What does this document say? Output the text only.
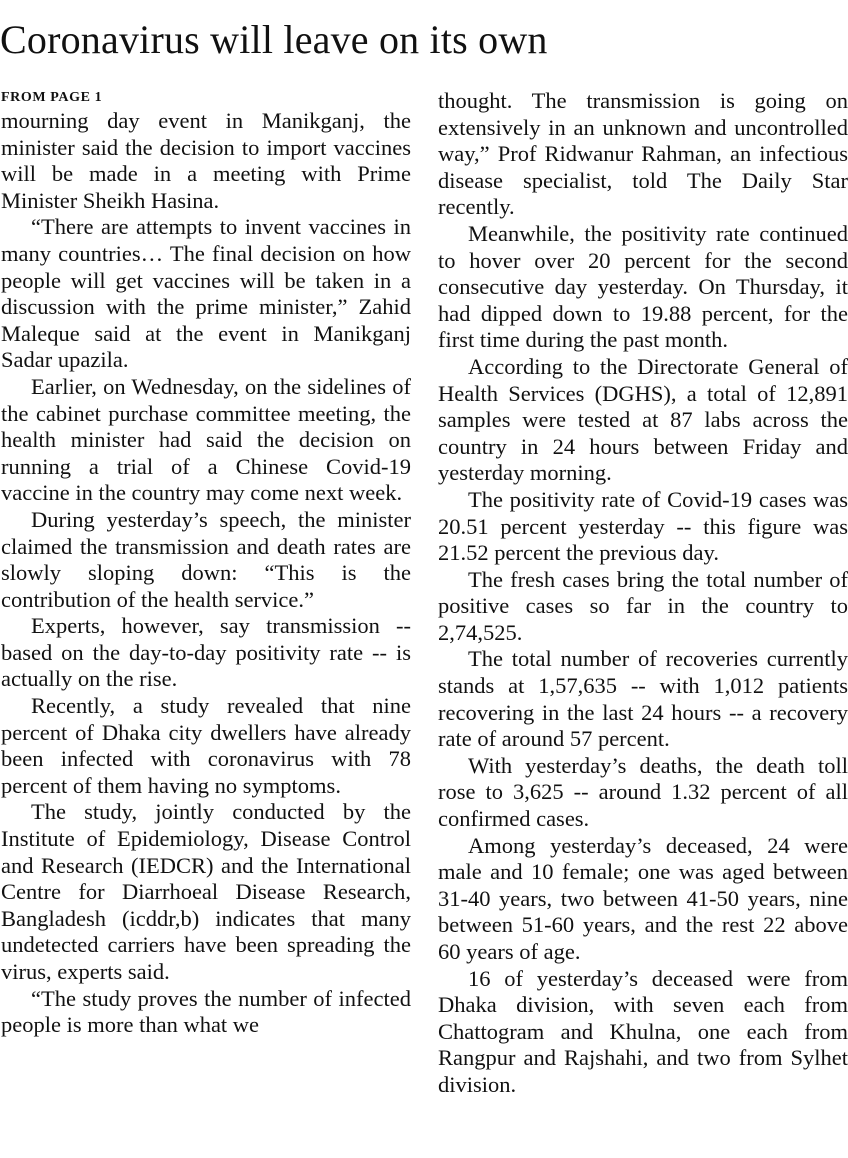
Coronavirus will leave on its own
FROM PAGE 1

mourning day event in Manikganj, the minister said the decision to import vaccines will be made in a meeting with Prime Minister Sheikh Hasina.

“There are attempts to invent vaccines in many countries… The final decision on how people will get vaccines will be taken in a discussion with the prime minister,” Zahid Maleque said at the event in Manikganj Sadar upazila.

Earlier, on Wednesday, on the sidelines of the cabinet purchase committee meeting, the health minister had said the decision on running a trial of a Chinese Covid-19 vaccine in the country may come next week.

During yesterday’s speech, the minister claimed the transmission and death rates are slowly sloping down: “This is the contribution of the health service.”

Experts, however, say transmission -- based on the day-to-day positivity rate -- is actually on the rise.

Recently, a study revealed that nine percent of Dhaka city dwellers have already been infected with coronavirus with 78 percent of them having no symptoms.

The study, jointly conducted by the Institute of Epidemiology, Disease Control and Research (IEDCR) and the International Centre for Diarrhoeal Disease Research, Bangladesh (icddr,b) indicates that many undetected carriers have been spreading the virus, experts said.

“The study proves the number of infected people is more than what we

thought. The transmission is going on extensively in an unknown and uncontrolled way,” Prof Ridwanur Rahman, an infectious disease specialist, told The Daily Star recently.

Meanwhile, the positivity rate continued to hover over 20 percent for the second consecutive day yesterday. On Thursday, it had dipped down to 19.88 percent, for the first time during the past month.

According to the Directorate General of Health Services (DGHS), a total of 12,891 samples were tested at 87 labs across the country in 24 hours between Friday and yesterday morning.

The positivity rate of Covid-19 cases was 20.51 percent yesterday -- this figure was 21.52 percent the previous day.

The fresh cases bring the total number of positive cases so far in the country to 2,74,525.

The total number of recoveries currently stands at 1,57,635 -- with 1,012 patients recovering in the last 24 hours -- a recovery rate of around 57 percent.

With yesterday’s deaths, the death toll rose to 3,625 -- around 1.32 percent of all confirmed cases.

Among yesterday’s deceased, 24 were male and 10 female; one was aged between 31-40 years, two between 41-50 years, nine between 51-60 years, and the rest 22 above 60 years of age.

16 of yesterday’s deceased were from Dhaka division, with seven each from Chattogram and Khulna, one each from Rangpur and Rajshahi, and two from Sylhet division.
